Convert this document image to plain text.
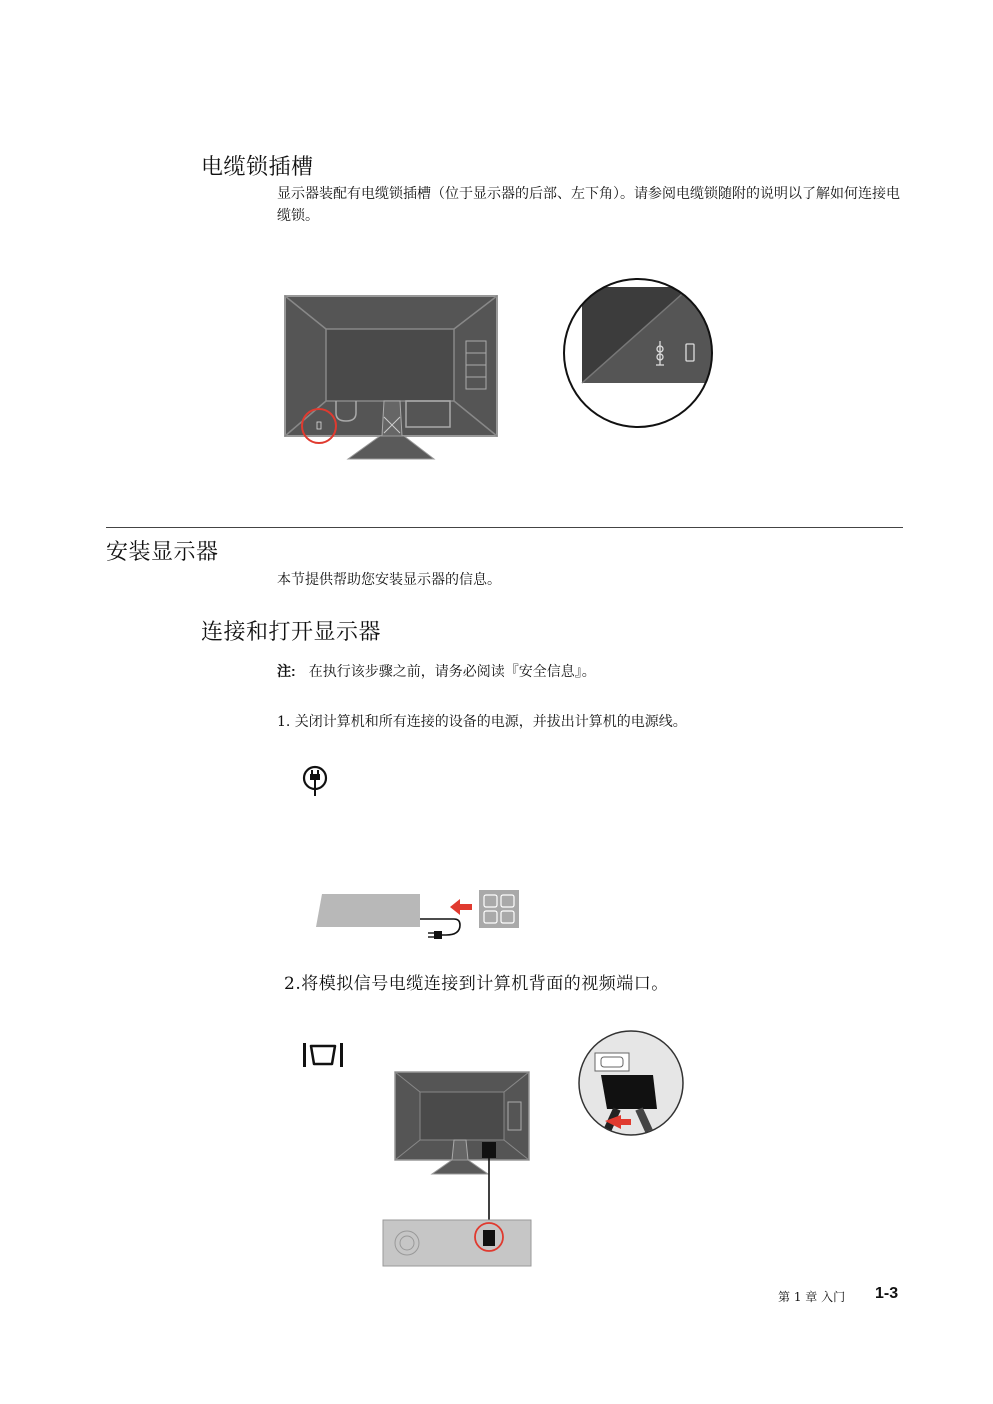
电缆锁插槽
显示器装配有电缆锁插槽（位于显示器的后部、左下角）。请参阅电缆锁随附的说明以了解如何连接电缆锁。
安装显示器
本节提供帮助您安装显示器的信息。
连接和打开显示器
注: 在执行该步骤之前，请务必阅读『安全信息』。
1. 关闭计算机和所有连接的设备的电源，并拔出计算机的电源线。
2.将模拟信号电缆连接到计算机背面的视频端口。
第 1 章 入门 1-3
